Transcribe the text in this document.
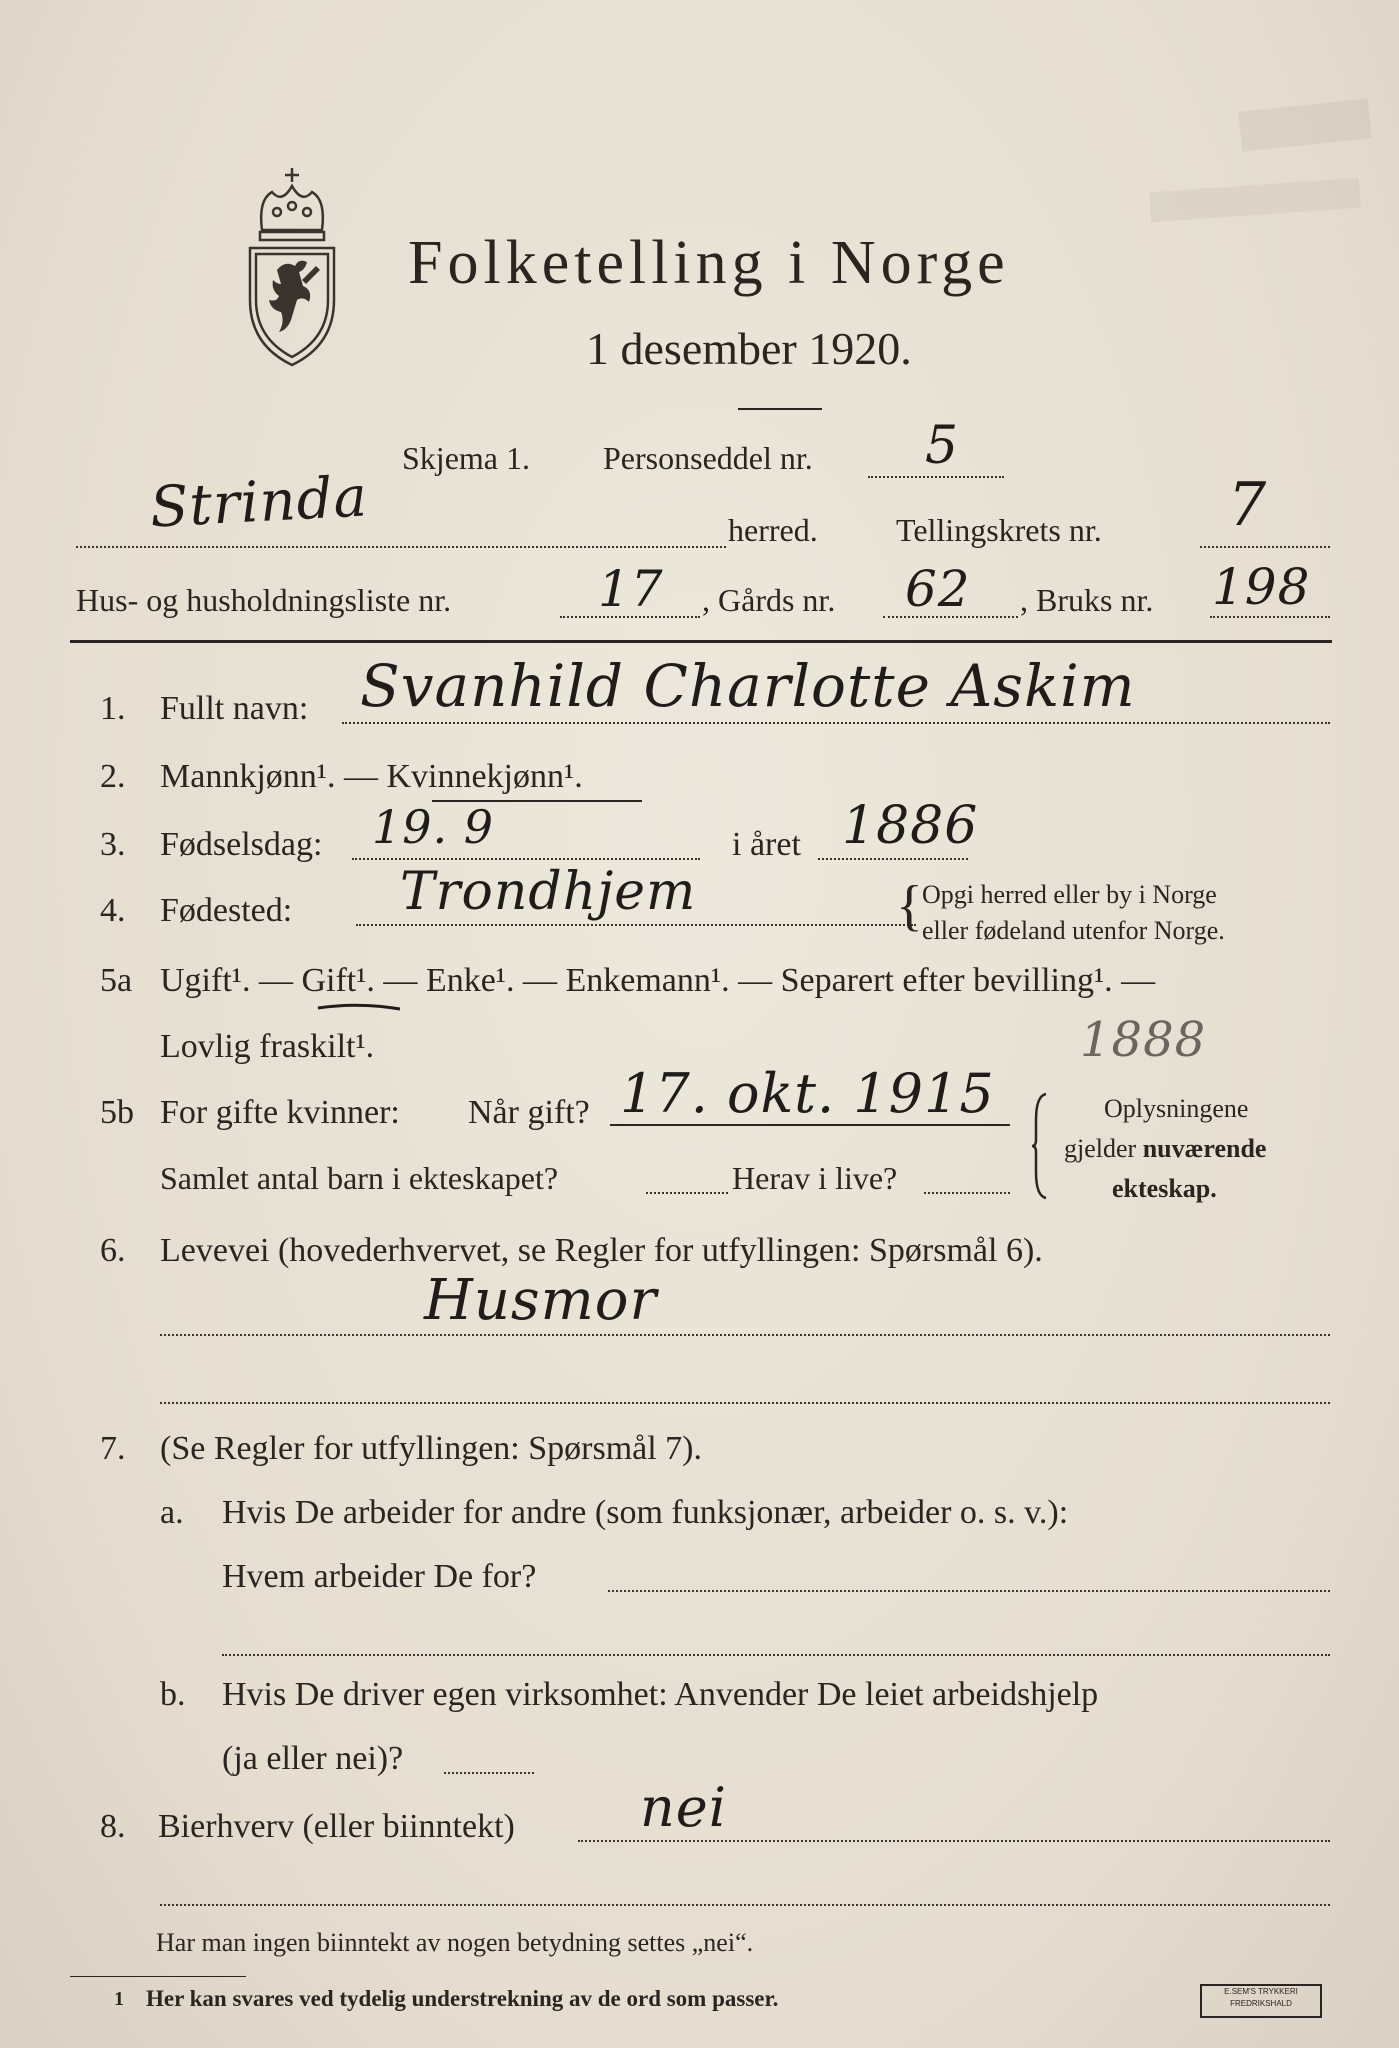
Folketelling i Norge
1 desember 1920.
Skjema 1. Personseddel nr. 5
Strinda	herred. Tellingskrets nr. 7
Hus- og husholdningsliste nr.	17 , Gårds nr. 62 , Bruks nr. 198
1. Fullt navn: Svanhild Charlotte Askim
2. Mannkjønn¹. — Kvinnekjønn¹.
3. Fødselsdag: 19. 9	i året 1886
4. Fødested: Trondhjem	{ Opgi herred eller by i Norge
eller fødeland utenfor Norge.
5a Ugift¹. — Gift¹. — Enke¹. — Enkemann¹. — Separert efter bevilling¹. —
Lovlig fraskilt¹.	1888
5b For gifte kvinner: Når gift? 17. okt. 1915
Samlet antal barn i ekteskapet?	Herav i live?
Oplysningene
gjelder nuværende
ekteskap.
6. Levevei (hovederhvervet, se Regler for utfyllingen: Spørsmål 6).
Husmor
7. (Se Regler for utfyllingen: Spørsmål 7).
a. Hvis De arbeider for andre (som funksjonær, arbeider o. s. v.):
Hvem arbeider De for?
b. Hvis De driver egen virksomhet: Anvender De leiet arbeidshjelp
(ja eller nei)?
8. Bierhverv (eller biinntekt) nei
Har man ingen biinntekt av nogen betydning settes „nei“.
1 Her kan svares ved tydelig understrekning av de ord som passer.	E.SEM'S TRYKKERI
FREDRIKSHALD
